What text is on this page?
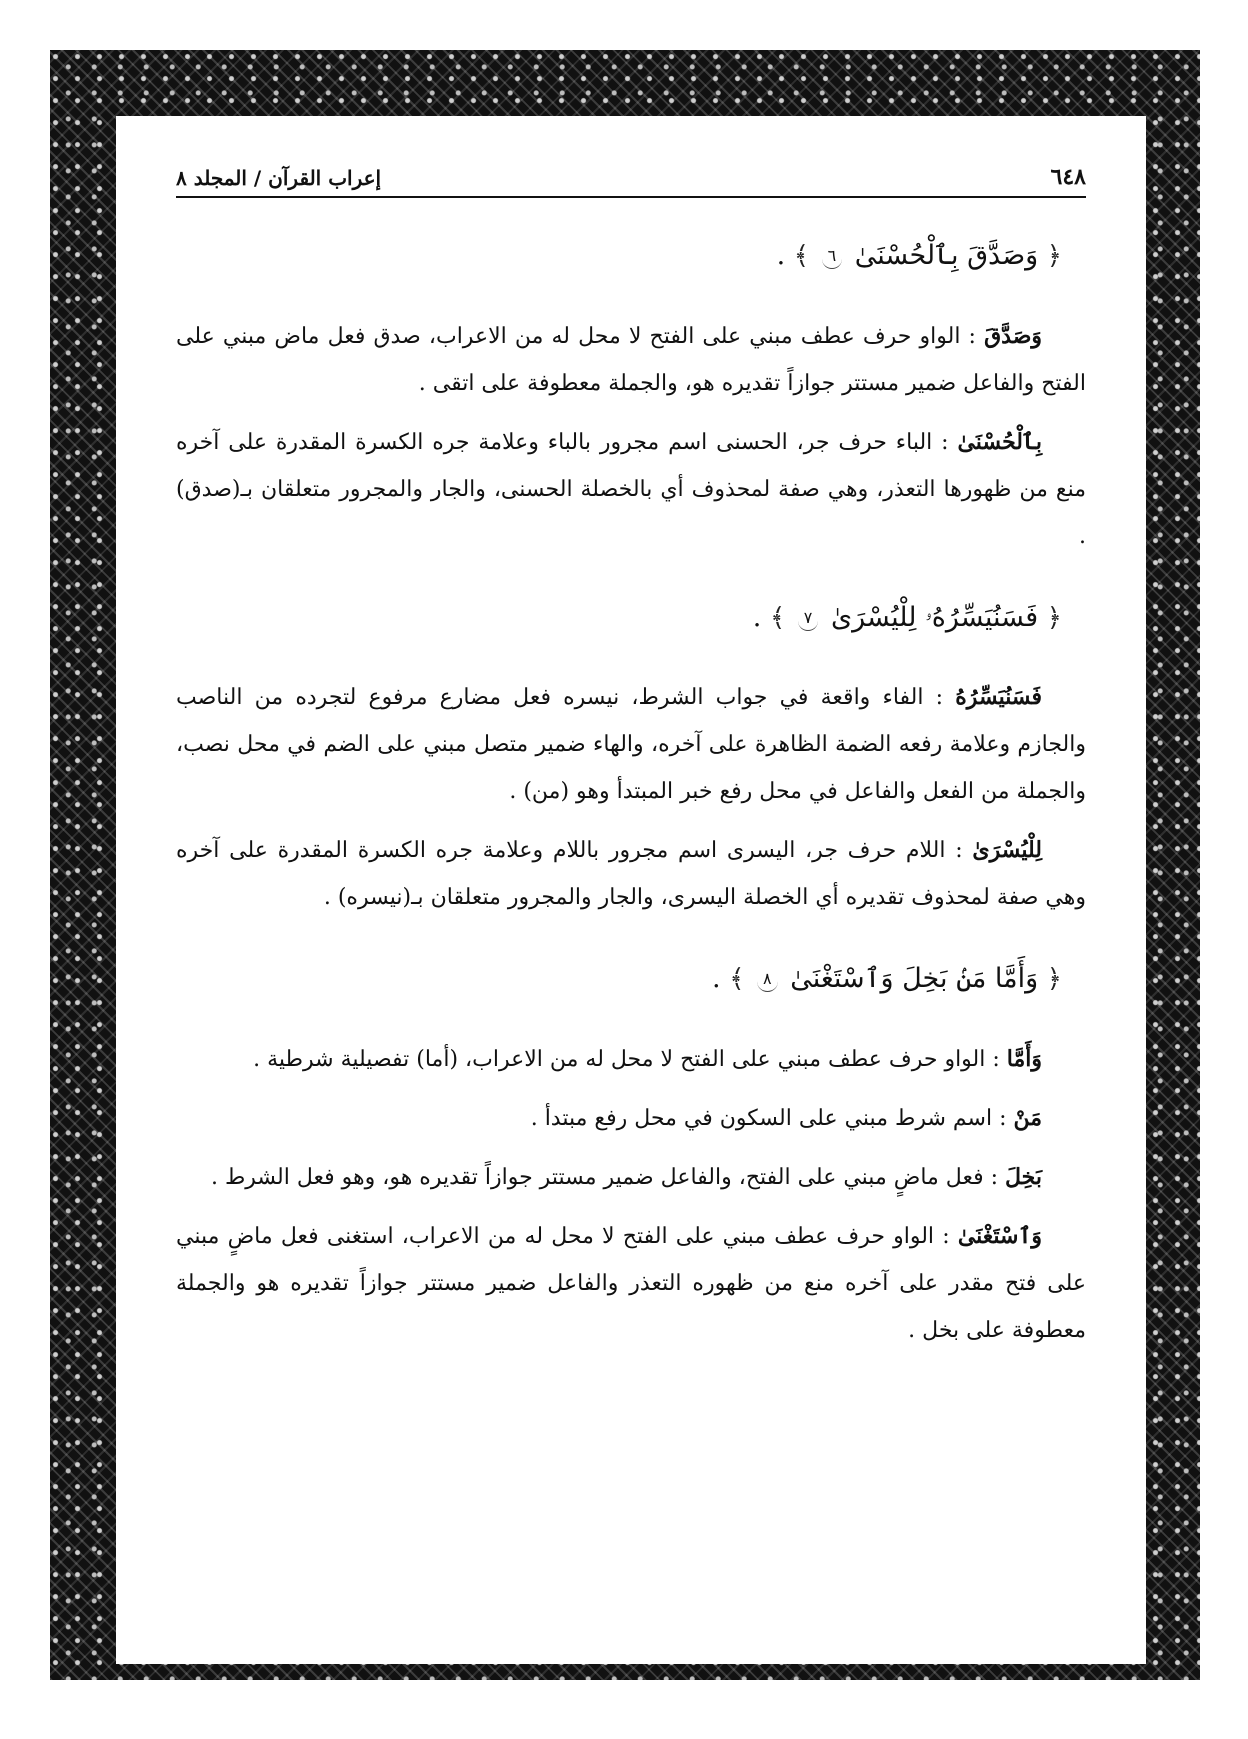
٦٤٨
إعراب القرآن / المجلد ٨
﴿ وَصَدَّقَ بِٱلْحُسْنَىٰ ٦ ﴾ .

وَصَدَّقَ : الواو حرف عطف مبني على الفتح لا محل له من الاعراب، صدق فعل ماض مبني على الفتح والفاعل ضمير مستتر جوازاً تقديره هو، والجملة معطوفة على اتقى .

بِٱلْحُسْنَىٰ : الباء حرف جر، الحسنى اسم مجرور بالباء وعلامة جره الكسرة المقدرة على آخره منع من ظهورها التعذر، وهي صفة لمحذوف أي بالخصلة الحسنى، والجار والمجرور متعلقان بـ(صدق) .

﴿ فَسَنُيَسِّرُهُۥ لِلْيُسْرَىٰ ٧ ﴾ .

فَسَنُيَسِّرُهُ : الفاء واقعة في جواب الشرط، نيسره فعل مضارع مرفوع لتجرده من الناصب والجازم وعلامة رفعه الضمة الظاهرة على آخره، والهاء ضمير متصل مبني على الضم في محل نصب، والجملة من الفعل والفاعل في محل رفع خبر المبتدأ وهو (من) .

لِلْيُسْرَىٰ : اللام حرف جر، اليسرى اسم مجرور باللام وعلامة جره الكسرة المقدرة على آخره وهي صفة لمحذوف تقديره أي الخصلة اليسرى، والجار والمجرور متعلقان بـ(نيسره) .

﴿ وَأَمَّا مَنۢ بَخِلَ وَٱسْتَغْنَىٰ ٨ ﴾ .

وَأَمَّا : الواو حرف عطف مبني على الفتح لا محل له من الاعراب، (أما) تفصيلية شرطية .

مَنْ : اسم شرط مبني على السكون في محل رفع مبتدأ .

بَخِلَ : فعل ماضٍ مبني على الفتح، والفاعل ضمير مستتر جوازاً تقديره هو، وهو فعل الشرط .

وَٱسْتَغْنَىٰ : الواو حرف عطف مبني على الفتح لا محل له من الاعراب، استغنى فعل ماضٍ مبني على فتح مقدر على آخره منع من ظهوره التعذر والفاعل ضمير مستتر جوازاً تقديره هو والجملة معطوفة على بخل .
